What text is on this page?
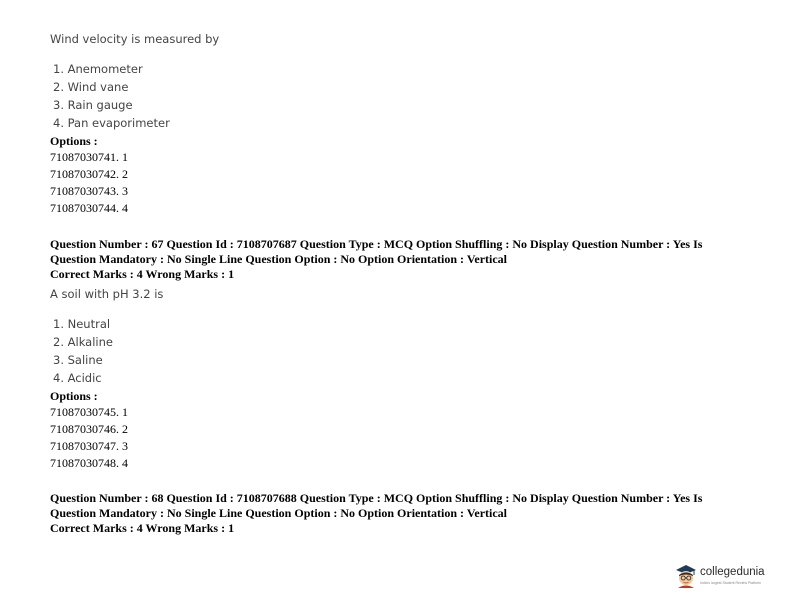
Wind velocity is measured by
1. Anemometer
2. Wind vane
3. Rain gauge
4. Pan evaporimeter
Options :
71087030741. 1
71087030742. 2
71087030743. 3
71087030744. 4
Question Number : 67 Question Id : 7108707687 Question Type : MCQ Option Shuffling : No Display Question Number : Yes Is
Question Mandatory : No Single Line Question Option : No Option Orientation : Vertical
Correct Marks : 4 Wrong Marks : 1
A soil with pH 3.2 is
1. Neutral
2. Alkaline
3. Saline
4. Acidic
Options :
71087030745. 1
71087030746. 2
71087030747. 3
71087030748. 4
Question Number : 68 Question Id : 7108707688 Question Type : MCQ Option Shuffling : No Display Question Number : Yes Is
Question Mandatory : No Single Line Question Option : No Option Orientation : Vertical
Correct Marks : 4 Wrong Marks : 1
collegedunia
India's largest Student Review Platform
